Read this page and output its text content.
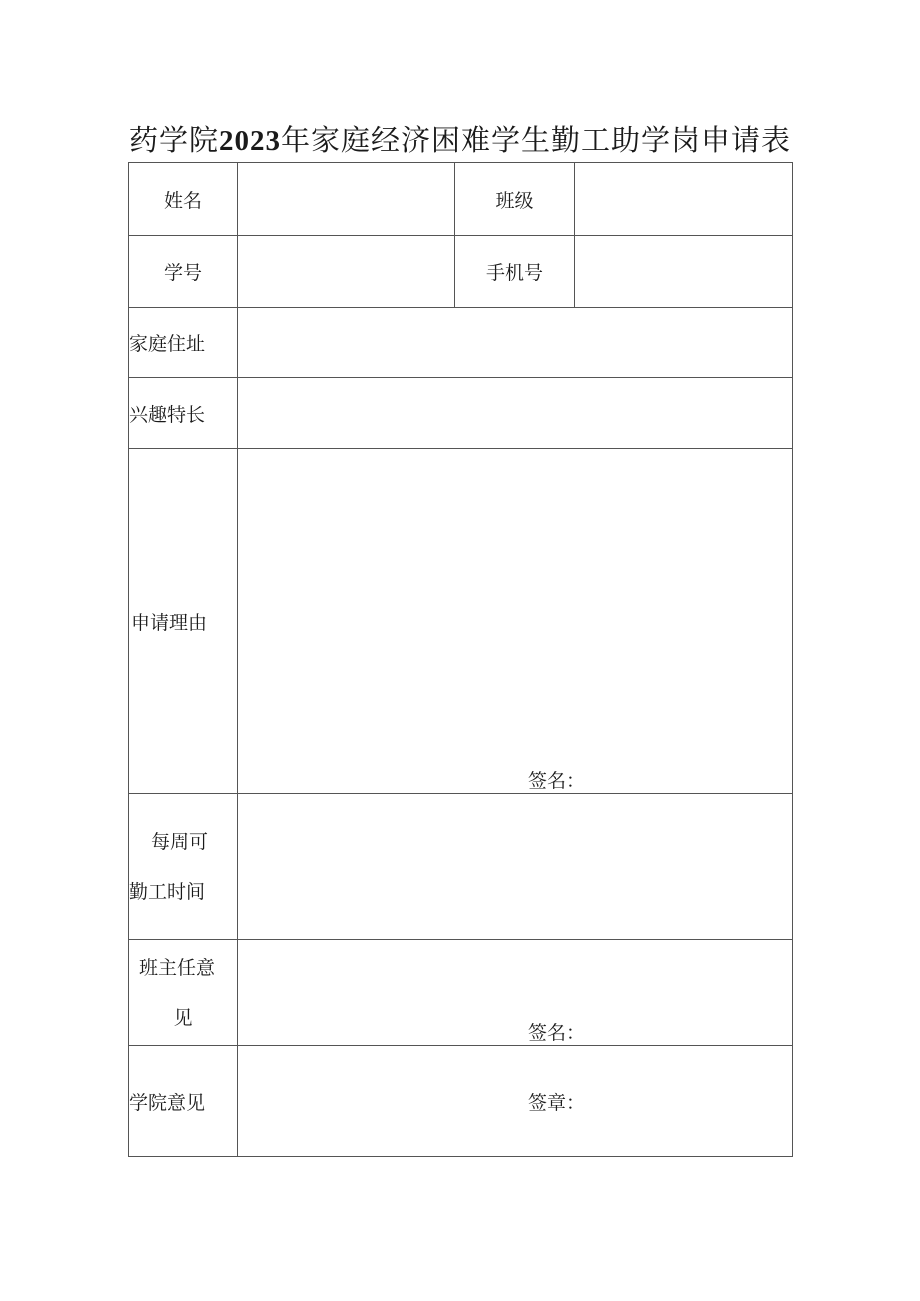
药学院2023年家庭经济困难学生勤工助学岗申请表
姓名		班级	
学号		手机号	
家庭住址			
兴趣特长			
申请理由	签名：		

每周可
勤工时间			

班主任意
见	签名：		

学院意见	签章：		
